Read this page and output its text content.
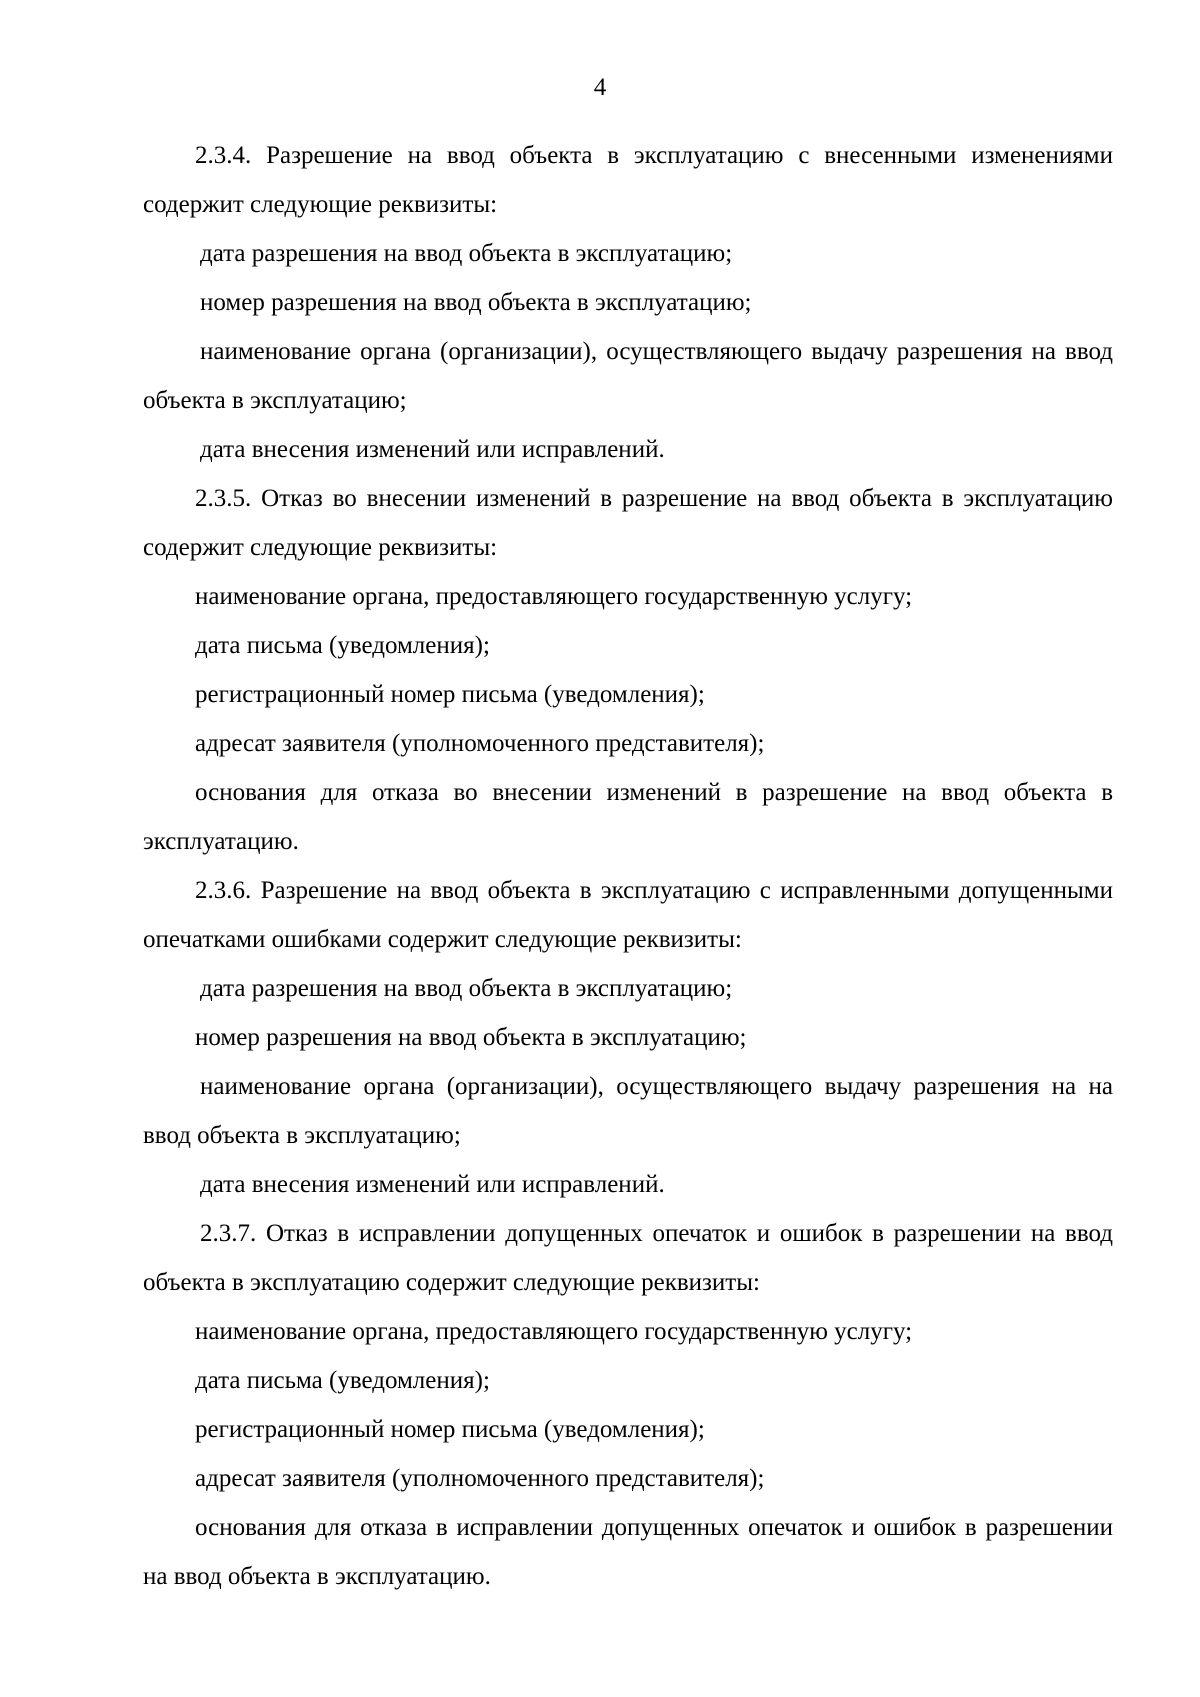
4

2.3.4. Разрешение на ввод объекта в эксплуатацию с внесенными изменениями содержит следующие реквизиты:

дата разрешения на ввод объекта в эксплуатацию;

номер разрешения на ввод объекта в эксплуатацию;

наименование органа (организации), осуществляющего выдачу разрешения на ввод объекта в эксплуатацию;

дата внесения изменений или исправлений.

2.3.5. Отказ во внесении изменений в разрешение на ввод объекта в эксплуатацию содержит следующие реквизиты:

наименование органа, предоставляющего государственную услугу;

дата письма (уведомления);

регистрационный номер письма (уведомления);

адресат заявителя (уполномоченного представителя);

основания для отказа во внесении изменений в разрешение на ввод объекта в эксплуатацию.

2.3.6. Разрешение на ввод объекта в эксплуатацию с исправленными допущенными опечатками ошибками содержит следующие реквизиты:

дата разрешения на ввод объекта в эксплуатацию;

номер разрешения на ввод объекта в эксплуатацию;

наименование органа (организации), осуществляющего выдачу разрешения на на ввод объекта в эксплуатацию;

дата внесения изменений или исправлений.

2.3.7. Отказ в исправлении допущенных опечаток и ошибок в разрешении на ввод объекта в эксплуатацию содержит следующие реквизиты:

наименование органа, предоставляющего государственную услугу;

дата письма (уведомления);

регистрационный номер письма (уведомления);

адресат заявителя (уполномоченного представителя);

основания для отказа в исправлении допущенных опечаток и ошибок в разрешении на ввод объекта в эксплуатацию.
